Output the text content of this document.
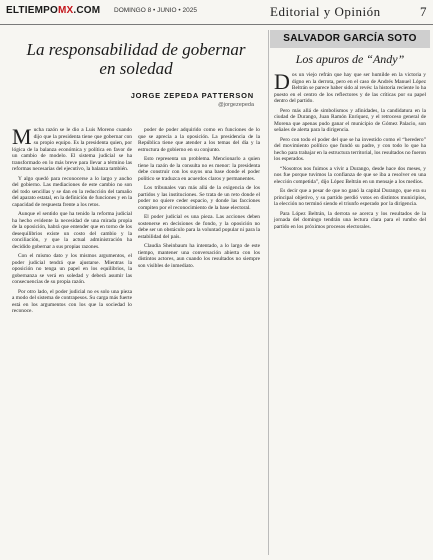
ELTIEMPOMX.COM DOMINGO 8 • JUNIO • 2025	Editorial y Opinión	7
La responsabilidad de gobernar en soledad
JORGE ZEPEDA PATTERSON
@jorgezepeda

Mucha razón se le dio a Luis Moreno cuando dijo que la presidenta tiene que gobernar con su propio equipo. Es la presidenta quien, por lógica de la balanza económica y política en favor de un cambio de modelo. El sistema judicial se ha transformado en lo más breve para llevar a término las reformas necesarias del ejecutivo, la balanza también.

Y algo quedó para reconocerse a lo largo y ancho del gobierno. Las mediaciones de este cambio no son del todo sencillas y se dan en la reducción del tamaño del aparato estatal, en la definición de funciones y en la capacidad de respuesta frente a los retos.

Aunque el sentido que ha tenido la reforma judicial ha hecho evidente la necesidad de una mirada propia de la oposición, habrá que entender que en torno de los desequilibrios existe un costo del cambio y la conciliación, y que la actual administración ha decidido gobernar a sus propias razones.

Con el mismo dato y los mismos argumentos, el poder judicial tendrá que ajustarse. Mientras la oposición no tenga un papel en los equilibrios, la gobernanza se verá en soledad y deberá asumir las consecuencias de su propia razón.

Por otro lado, el poder judicial no es solo una pieza a modo del sistema de contrapesos. Su carga más fuerte está en los argumentos con los que la sociedad lo reconoce.

poder de poder adquirido como en funciones de lo que se aprecia a la oposición. La presidencia de la República tiene que atender a los temas del día y la estructura de gobierno en su conjunto.

Esto representa un problema. Mencionarlo a quien tiene la razón de la consulta no es menor: la presidenta debe construir con los suyos una base donde el poder político se traduzca en acuerdos claros y permanentes.

Los tribunales van más allá de la exigencia de los partidos y las instituciones. Se trata de un reto donde el poder no quiere ceder espacio, y donde las facciones compiten por el reconocimiento de la base electoral.

El poder judicial es una pieza. Las acciones deben sostenerse en decisiones de fondo, y la oposición no debe ser un obstáculo para la voluntad popular ni para la estabilidad del país.

Claudia Sheinbaum ha intentado, a lo largo de este tiempo, mantener una conversación abierta con los distintos actores, aun cuando los resultados no siempre son visibles de inmediato.

SALVADOR GARCÍA SOTO
Los apuros de “Andy”

Dos un viejo refrán que hay que ser humilde en la victoria y digno en la derrota, pero en el caso de Andrés Manuel López Beltrán se parece haber sido al revés: la historia reciente lo ha puesto en el centro de los reflectores y de las críticas por su papel dentro del partido.

Pero más allá de simbolismos y afinidades, la candidatura en la ciudad de Durango, Juan Ramón Enríquez, y el retroceso general de Morena que apenas pudo ganar el municipio de Gómez Palacio, son señales de alerta para la dirigencia.

Pero con todo el poder del que se ha investido como el “heredero” del movimiento político que fundó su padre, y con todo lo que ha hecho para trabajar en la estructura territorial, los resultados no fueron los esperados.

“Nosotros nos fuimos a vivir a Durango, desde hace dos meses, y nos fue porque tuvimos la confianza de que se iba a resolver en una elección competida”, dijo López Beltrán en un mensaje a los medios.

Es decir que a pesar de que no ganó la capital Durango, que era su principal objetivo, y su partido perdió votos en distintos municipios, la elección no terminó siendo el triunfo esperado por la dirigencia.

Para López Beltrán, la derrota se acerca y los resultados de la jornada del domingo tendrán una lectura clara para el rumbo del partido en los próximos procesos electorales.
